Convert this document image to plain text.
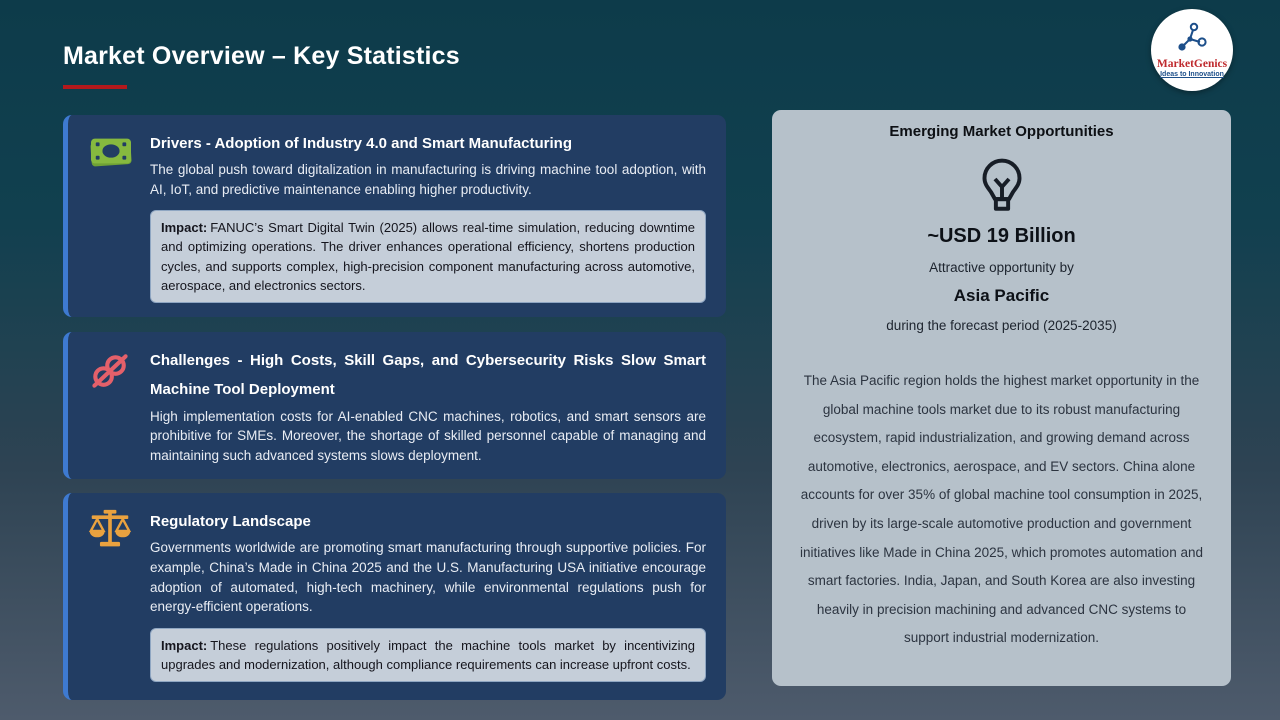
Market Overview – Key Statistics	MarketGenics
Ideas to Innovation
Drivers - Adoption of Industry 4.0 and Smart Manufacturing
The global push toward digitalization in manufacturing is driving machine tool adoption, with AI, IoT, and predictive maintenance enabling higher productivity.
Impact: FANUC’s Smart Digital Twin (2025) allows real-time simulation, reducing downtime and optimizing operations. The driver enhances operational efficiency, shortens production cycles, and supports complex, high-precision component manufacturing across automotive, aerospace, and electronics sectors.
Challenges - High Costs, Skill Gaps, and Cybersecurity Risks Slow Smart Machine Tool Deployment
High implementation costs for AI-enabled CNC machines, robotics, and smart sensors are prohibitive for SMEs. Moreover, the shortage of skilled personnel capable of managing and maintaining such advanced systems slows deployment.
Regulatory Landscape
Governments worldwide are promoting smart manufacturing through supportive policies. For example, China’s Made in China 2025 and the U.S. Manufacturing USA initiative encourage adoption of automated, high-tech machinery, while environmental regulations push for energy-efficient operations.
Impact: These regulations positively impact the machine tools market by incentivizing upgrades and modernization, although compliance requirements can increase upfront costs.
Emerging Market Opportunities
~USD 19 Billion
Attractive opportunity by
Asia Pacific
during the forecast period (2025-2035)
The Asia Pacific region holds the highest market opportunity in the global machine tools market due to its robust manufacturing ecosystem, rapid industrialization, and growing demand across automotive, electronics, aerospace, and EV sectors. China alone accounts for over 35% of global machine tool consumption in 2025, driven by its large-scale automotive production and government initiatives like Made in China 2025, which promotes automation and smart factories. India, Japan, and South Korea are also investing heavily in precision machining and advanced CNC systems to support industrial modernization.
